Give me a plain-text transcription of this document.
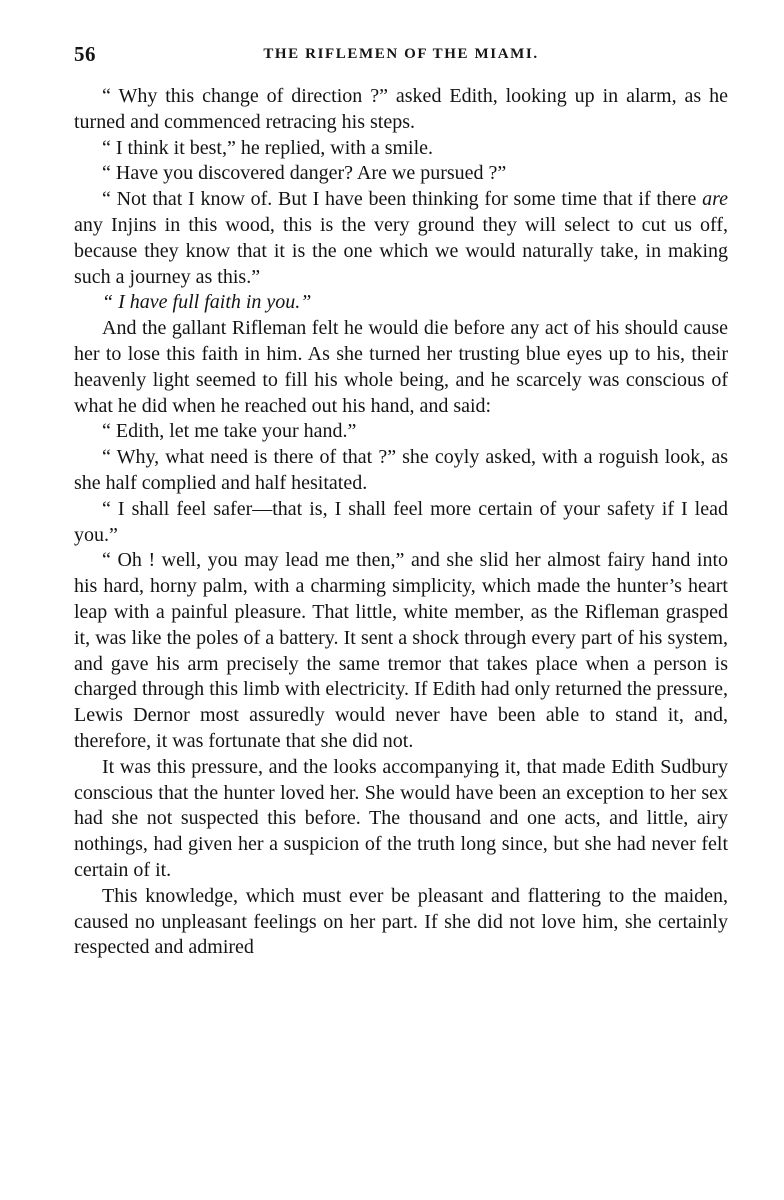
56	THE RIFLEMEN OF THE MIAMI.

“ Why this change of direction ?” asked Edith, looking up in alarm, as he turned and commenced retracing his steps.

“ I think it best,” he replied, with a smile.

“ Have you discovered danger? Are we pursued ?”

“ Not that I know of. But I have been thinking for some time that if there are any Injins in this wood, this is the very ground they will select to cut us off, because they know that it is the one which we would naturally take, in making such a journey as this.”

“ I have full faith in you.”

And the gallant Rifleman felt he would die before any act of his should cause her to lose this faith in him. As she turned her trusting blue eyes up to his, their heavenly light seemed to fill his whole being, and he scarcely was conscious of what he did when he reached out his hand, and said:

“ Edith, let me take your hand.”

“ Why, what need is there of that ?” she coyly asked, with a roguish look, as she half complied and half hesitated.

“ I shall feel safer—that is, I shall feel more certain of your safety if I lead you.”

“ Oh ! well, you may lead me then,” and she slid her almost fairy hand into his hard, horny palm, with a charming simplicity, which made the hunter’s heart leap with a painful pleasure. That little, white member, as the Rifleman grasped it, was like the poles of a battery. It sent a shock through every part of his system, and gave his arm precisely the same tremor that takes place when a person is charged through this limb with electricity. If Edith had only returned the pressure, Lewis Dernor most assuredly would never have been able to stand it, and, therefore, it was fortunate that she did not.

It was this pressure, and the looks accompanying it, that made Edith Sudbury conscious that the hunter loved her. She would have been an exception to her sex had she not suspected this before. The thousand and one acts, and little, airy nothings, had given her a suspicion of the truth long since, but she had never felt certain of it.

This knowledge, which must ever be pleasant and flattering to the maiden, caused no unpleasant feelings on her part. If she did not love him, she certainly respected and admired
